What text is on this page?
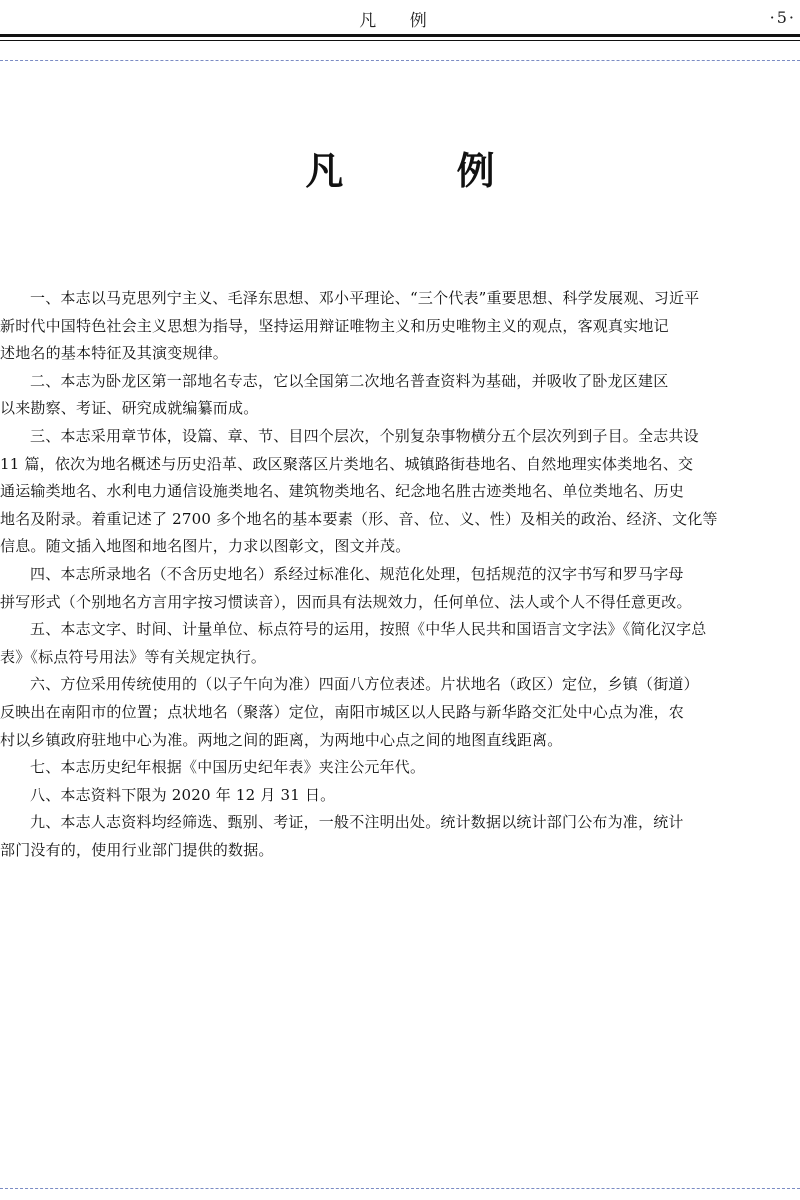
凡 例	·5·
凡 例

一、本志以马克思列宁主义、毛泽东思想、邓小平理论、“三个代表”重要思想、科学发展观、习近平

新时代中国特色社会主义思想为指导，坚持运用辩证唯物主义和历史唯物主义的观点，客观真实地记

述地名的基本特征及其演变规律。

二、本志为卧龙区第一部地名专志，它以全国第二次地名普查资料为基础，并吸收了卧龙区建区

以来勘察、考证、研究成就编纂而成。

三、本志采用章节体，设篇、章、节、目四个层次，个别复杂事物横分五个层次列到子目。全志共设

11 篇，依次为地名概述与历史沿革、政区聚落区片类地名、城镇路街巷地名、自然地理实体类地名、交

通运输类地名、水利电力通信设施类地名、建筑物类地名、纪念地名胜古迹类地名、单位类地名、历史

地名及附录。着重记述了 2700 多个地名的基本要素（形、音、位、义、性）及相关的政治、经济、文化等

信息。随文插入地图和地名图片，力求以图彰文，图文并茂。

四、本志所录地名（不含历史地名）系经过标准化、规范化处理，包括规范的汉字书写和罗马字母

拼写形式（个别地名方言用字按习惯读音），因而具有法规效力，任何单位、法人或个人不得任意更改。

五、本志文字、时间、计量单位、标点符号的运用，按照《中华人民共和国语言文字法》《简化汉字总

表》《标点符号用法》等有关规定执行。

六、方位采用传统使用的（以子午向为准）四面八方位表述。片状地名（政区）定位，乡镇（街道）

反映出在南阳市的位置；点状地名（聚落）定位，南阳市城区以人民路与新华路交汇处中心点为准，农

村以乡镇政府驻地中心为准。两地之间的距离，为两地中心点之间的地图直线距离。

七、本志历史纪年根据《中国历史纪年表》夹注公元年代。

八、本志资料下限为 2020 年 12 月 31 日。

九、本志人志资料均经筛选、甄别、考证，一般不注明出处。统计数据以统计部门公布为准，统计

部门没有的，使用行业部门提供的数据。
